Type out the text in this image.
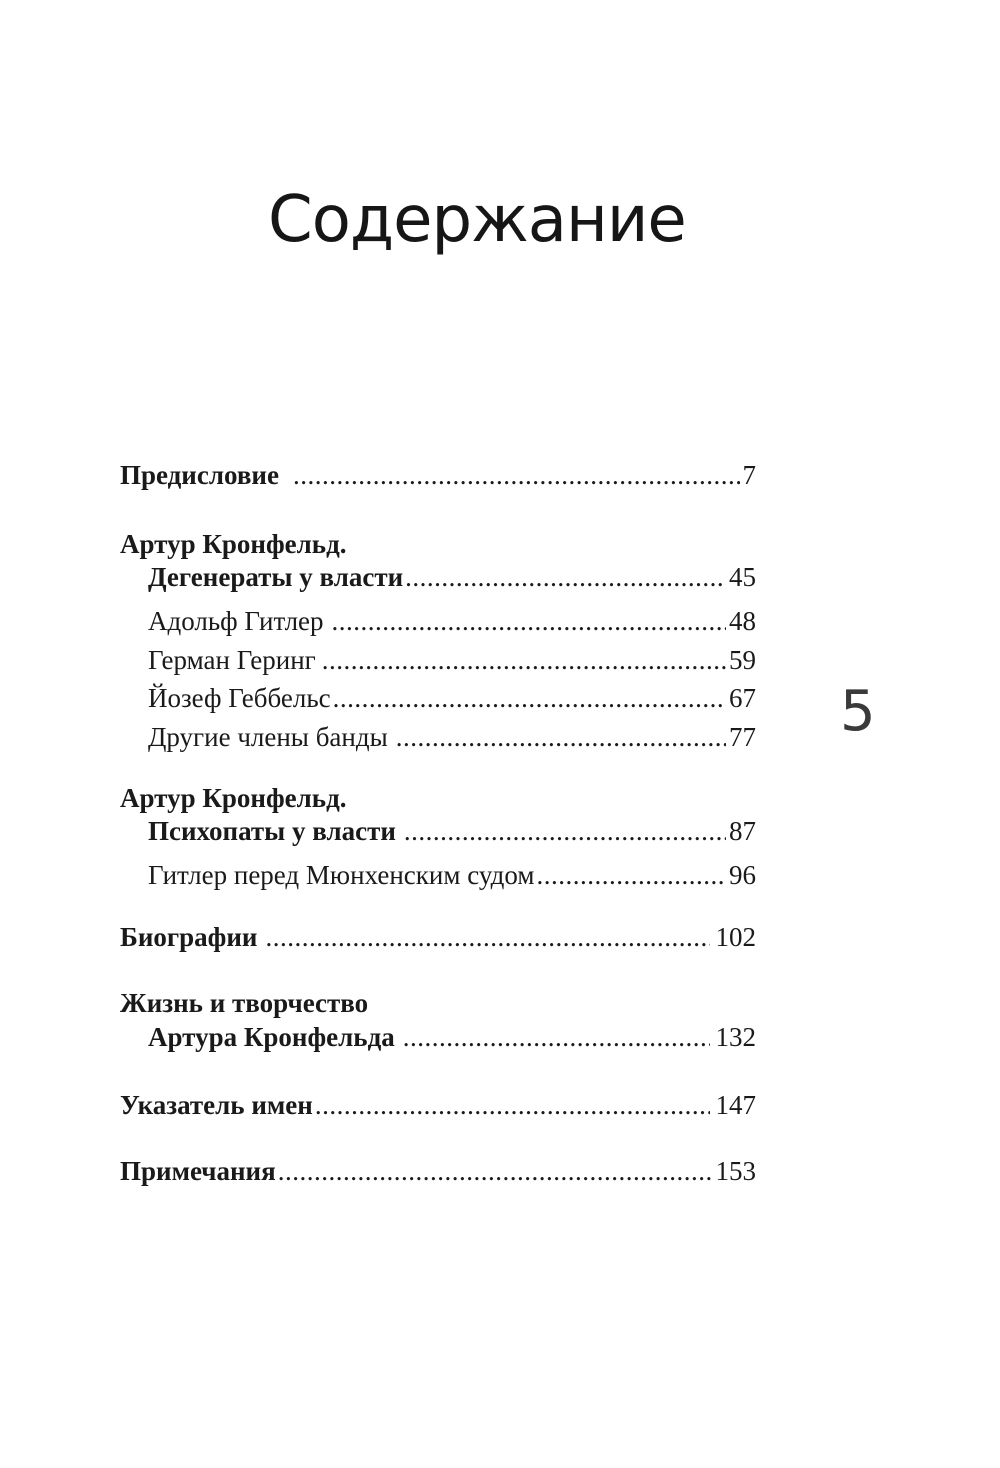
Содержание
5
Предисловие .....	7
Артур Кронфельд.
Дегенераты у власти .....	45
Адольф Гитлер .....	48
Герман Геринг .....	59
Йозеф Геббельс .....	67
Другие члены банды .....	77
Артур Кронфельд.
Психопаты у власти .....	87
Гитлер перед Мюнхенским судом .....	96
Биографии .....	102
Жизнь и творчество
Артура Кронфельда .....	132
Указатель имен .....	147
Примечания .....	153
